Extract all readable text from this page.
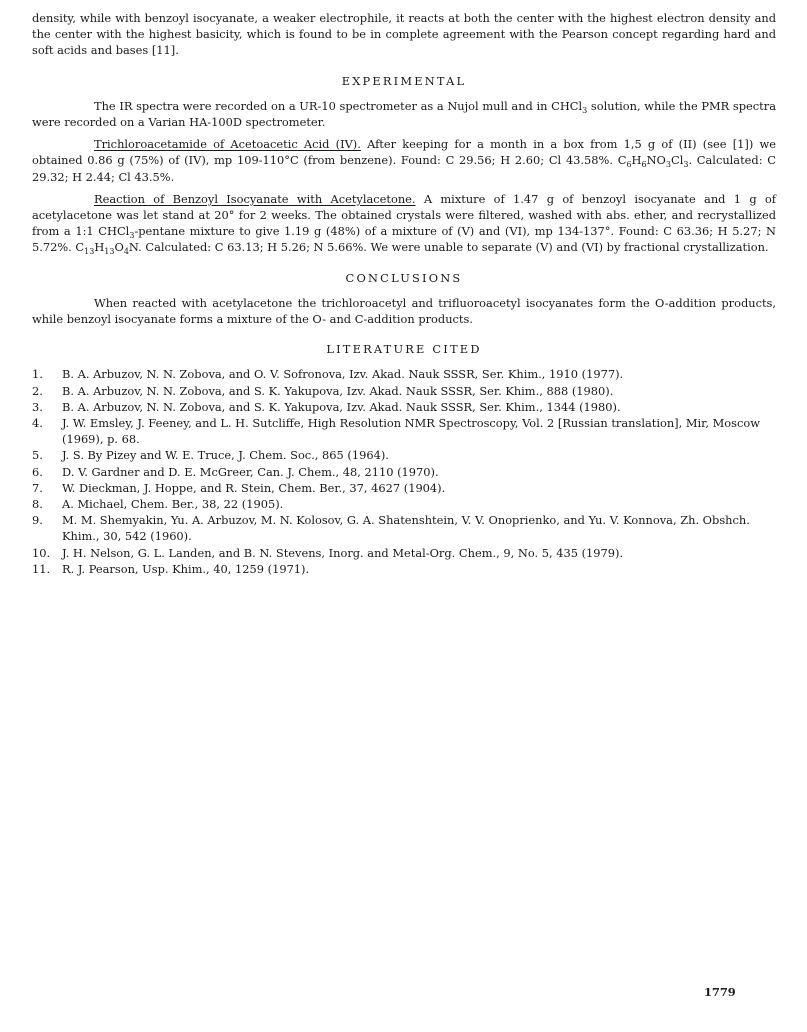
density, while with benzoyl isocyanate, a weaker electrophile, it reacts at both the center with the highest electron density and the center with the highest basicity, which is found to be in complete agreement with the Pearson concept regarding hard and soft acids and bases [11].

EXPERIMENTAL

The IR spectra were recorded on a UR-10 spectrometer as a Nujol mull and in CHCl$_3$ solution, while the PMR spectra were recorded on a Varian HA-100D spectrometer.

Trichloroacetamide of Acetoacetic Acid (IV). After keeping for a month in a box from 1,5 g of (II) (see [1]) we obtained 0.86 g (75%) of (IV), mp 109-110°C (from benzene). Found: C 29.56; H 2.60; Cl 43.58%. $C_6H_6NO_3Cl_3$. Calculated: C 29.32; H 2.44; Cl 43.5%.

Reaction of Benzoyl Isocyanate with Acetylacetone. A mixture of 1.47 g of benzoyl isocyanate and 1 g of acetylacetone was let stand at 20° for 2 weeks. The obtained crystals were filtered, washed with abs. ether, and recrystallized from a 1:1 CHCl$_3$-pentane mixture to give 1.19 g (48%) of a mixture of (V) and (VI), mp 134-137°. Found: C 63.36; H 5.27; N 5.72%. $C_{13}H_{13}O_4N$. Calculated: C 63.13; H 5.26; N 5.66%. We were unable to separate (V) and (VI) by fractional crystallization.

CONCLUSIONS

When reacted with acetylacetone the trichloroacetyl and trifluoroacetyl isocyanates form the O-addition products, while benzoyl isocyanate forms a mixture of the O- and C-addition products.

LITERATURE CITED
1.	B. A. Arbuzov, N. N. Zobova, and O. V. Sofronova, Izv. Akad. Nauk SSSR, Ser. Khim., 1910 (1977).
2.	B. A. Arbuzov, N. N. Zobova, and S. K. Yakupova, Izv. Akad. Nauk SSSR, Ser. Khim., 888 (1980).
3.	B. A. Arbuzov, N. N. Zobova, and S. K. Yakupova, Izv. Akad. Nauk SSSR, Ser. Khim., 1344 (1980).
4.	J. W. Emsley, J. Feeney, and L. H. Sutcliffe, High Resolution NMR Spectroscopy, Vol. 2 [Russian translation], Mir, Moscow (1969), p. 68.
5.	J. S. By Pizey and W. E. Truce, J. Chem. Soc., 865 (1964).
6.	D. V. Gardner and D. E. McGreer, Can. J. Chem., 48, 2110 (1970).
7.	W. Dieckman, J. Hoppe, and R. Stein, Chem. Ber., 37, 4627 (1904).
8.	A. Michael, Chem. Ber., 38, 22 (1905).
9.	M. M. Shemyakin, Yu. A. Arbuzov, M. N. Kolosov, G. A. Shatenshtein, V. V. Onoprienko, and Yu. V. Konnova, Zh. Obshch. Khim., 30, 542 (1960).
10.	J. H. Nelson, G. L. Landen, and B. N. Stevens, Inorg. and Metal-Org. Chem., 9, No. 5, 435 (1979).
11.	R. J. Pearson, Usp. Khim., 40, 1259 (1971).
1779
